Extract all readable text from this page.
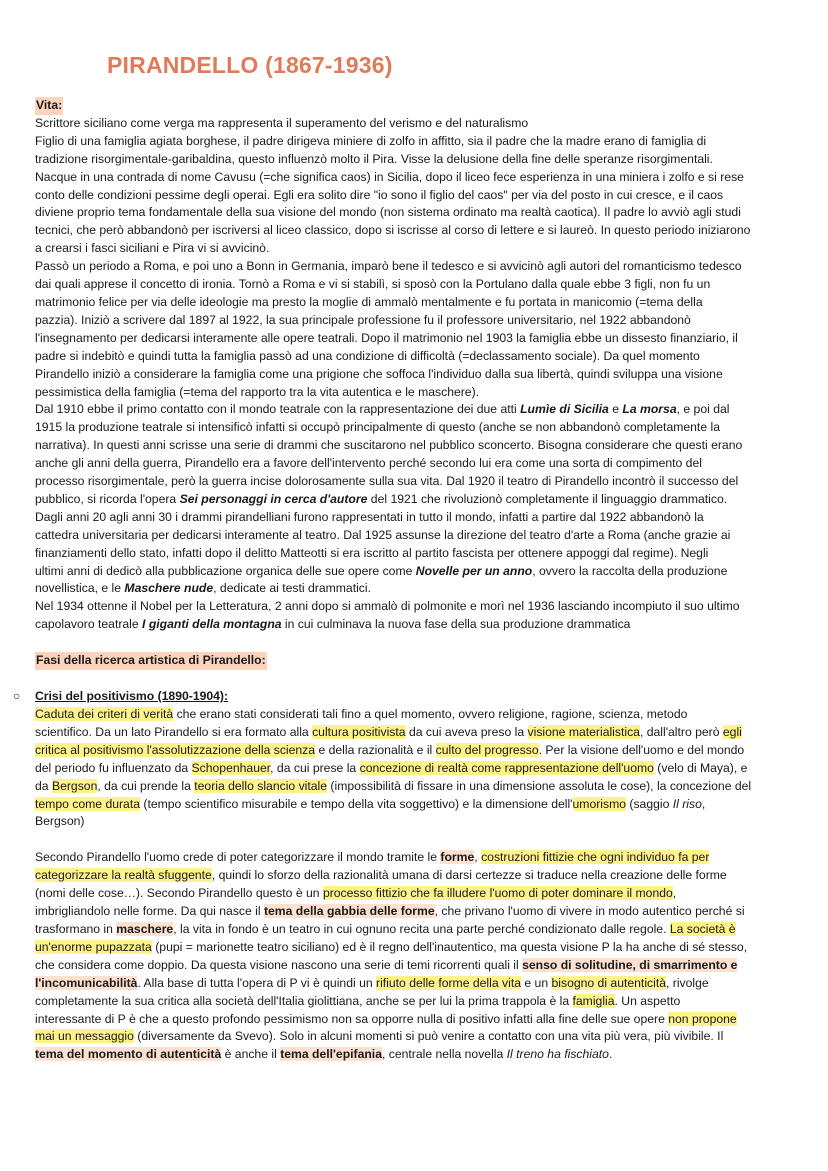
PIRANDELLO (1867-1936)
Vita:
Scrittore siciliano come verga ma rappresenta il superamento del verismo e del naturalismo
Figlio di una famiglia agiata borghese, il padre dirigeva miniere di zolfo in affitto, sia il padre che la madre erano di famiglia di
tradizione risorgimentale-garibaldina, questo influenzò molto il Pira. Visse la delusione della fine delle speranze risorgimentali.
Nacque in una contrada di nome Cavusu (=che significa caos) in Sicilia, dopo il liceo fece esperienza in una miniera i zolfo e si rese
conto delle condizioni pessime degli operai. Egli era solito dire "io sono il figlio del caos" per via del posto in cui cresce, e il caos
diviene proprio tema fondamentale della sua visione del mondo (non sistema ordinato ma realtà caotica). Il padre lo avviò agli studi
tecnici, che però abbandonò per iscriversi al liceo classico, dopo si iscrisse al corso di lettere e si laureò. In questo periodo iniziarono
a crearsi i fasci siciliani e Pira vi si avvicinò.
Passò un periodo a Roma, e poi uno a Bonn in Germania, imparò bene il tedesco e si avvicinò agli autori del romanticismo tedesco
dai quali apprese il concetto di ironia. Tornò a Roma e vi si stabilì, si sposò con la Portulano dalla quale ebbe 3 figli, non fu un
matrimonio felice per via delle ideologie ma presto la moglie di ammalò mentalmente e fu portata in manicomio (=tema della
pazzia). Iniziò a scrivere dal 1897 al 1922, la sua principale professione fu il professore universitario, nel 1922 abbandonò
l'insegnamento per dedicarsi interamente alle opere teatrali. Dopo il matrimonio nel 1903 la famiglia ebbe un dissesto finanziario, il
padre si indebitò e quindi tutta la famiglia passò ad una condizione di difficoltà (=declassamento sociale). Da quel momento
Pirandello iniziò a considerare la famiglia come una prigione che soffoca l'individuo dalla sua libertà, quindi sviluppa una visione
pessimistica della famiglia (=tema del rapporto tra la vita autentica e le maschere).
Dal 1910 ebbe il primo contatto con il mondo teatrale con la rappresentazione dei due atti Lumìe di Sicilia e La morsa, e poi dal
1915 la produzione teatrale si intensificò infatti si occupò principalmente di questo (anche se non abbandonò completamente la
narrativa). In questi anni scrisse una serie di drammi che suscitarono nel pubblico sconcerto. Bisogna considerare che questi erano
anche gli anni della guerra, Pirandello era a favore dell'intervento perché secondo lui era come una sorta di compimento del
processo risorgimentale, però la guerra incise dolorosamente sulla sua vita. Dal 1920 il teatro di Pirandello incontrò il successo del
pubblico, si ricorda l'opera Sei personaggi in cerca d'autore del 1921 che rivoluzionò completamente il linguaggio drammatico.
Dagli anni 20 agli anni 30 i drammi pirandelliani furono rappresentati in tutto il mondo, infatti a partire dal 1922 abbandonò la
cattedra universitaria per dedicarsi interamente al teatro. Dal 1925 assunse la direzione del teatro d'arte a Roma (anche grazie ai
finanziamenti dello stato, infatti dopo il delitto Matteotti si era iscritto al partito fascista per ottenere appoggi dal regime). Negli
ultimi anni di dedicò alla pubblicazione organica delle sue opere come Novelle per un anno, ovvero la raccolta della produzione
novellistica, e le Maschere nude, dedicate ai testi drammatici.
Nel 1934 ottenne il Nobel per la Letteratura, 2 anni dopo si ammalò di polmonite e morì nel 1936 lasciando incompiuto il suo ultimo
capolavoro teatrale I giganti della montagna in cui culminava la nuova fase della sua produzione drammatica
Fasi della ricerca artistica di Pirandello:
○ Crisi del positivismo (1890-1904):
Caduta dei criteri di verità che erano stati considerati tali fino a quel momento, ovvero religione, ragione, scienza, metodo
scientifico. Da un lato Pirandello si era formato alla cultura positivista da cui aveva preso la visione materialistica, dall'altro però egli
critica al positivismo l'assolutizzazione della scienza e della razionalità e il culto del progresso. Per la visione dell'uomo e del mondo
del periodo fu influenzato da Schopenhauer, da cui prese la concezione di realtà come rappresentazione dell'uomo (velo di Maya), e
da Bergson, da cui prende la teoria dello slancio vitale (impossibilità di fissare in una dimensione assoluta le cose), la concezione del
tempo come durata (tempo scientifico misurabile e tempo della vita soggettivo) e la dimensione dell'umorismo (saggio Il riso,
Bergson)
Secondo Pirandello l'uomo crede di poter categorizzare il mondo tramite le forme, costruzioni fittizie che ogni individuo fa per
categorizzare la realtà sfuggente, quindi lo sforzo della razionalità umana di darsi certezze si traduce nella creazione delle forme
(nomi delle cose…). Secondo Pirandello questo è un processo fittizio che fa illudere l'uomo di poter dominare il mondo,
imbrigliandolo nelle forme. Da qui nasce il tema della gabbia delle forme, che privano l'uomo di vivere in modo autentico perché si
trasformano in maschere, la vita in fondo è un teatro in cui ognuno recita una parte perché condizionato dalle regole. La società è
un'enorme pupazzata (pupi = marionette teatro siciliano) ed è il regno dell'inautentico, ma questa visione P la ha anche di sé stesso,
che considera come doppio. Da questa visione nascono una serie di temi ricorrenti quali il senso di solitudine, di smarrimento e
l'incomunicabilità. Alla base di tutta l'opera di P vi è quindi un rifiuto delle forme della vita e un bisogno di autenticità, rivolge
completamente la sua critica alla società dell'Italia giolittiana, anche se per lui la prima trappola è la famiglia. Un aspetto
interessante di P è che a questo profondo pessimismo non sa opporre nulla di positivo infatti alla fine delle sue opere non propone
mai un messaggio (diversamente da Svevo). Solo in alcuni momenti si può venire a contatto con una vita più vera, più vivibile. Il
tema del momento di autenticità è anche il tema dell'epifania, centrale nella novella Il treno ha fischiato.
